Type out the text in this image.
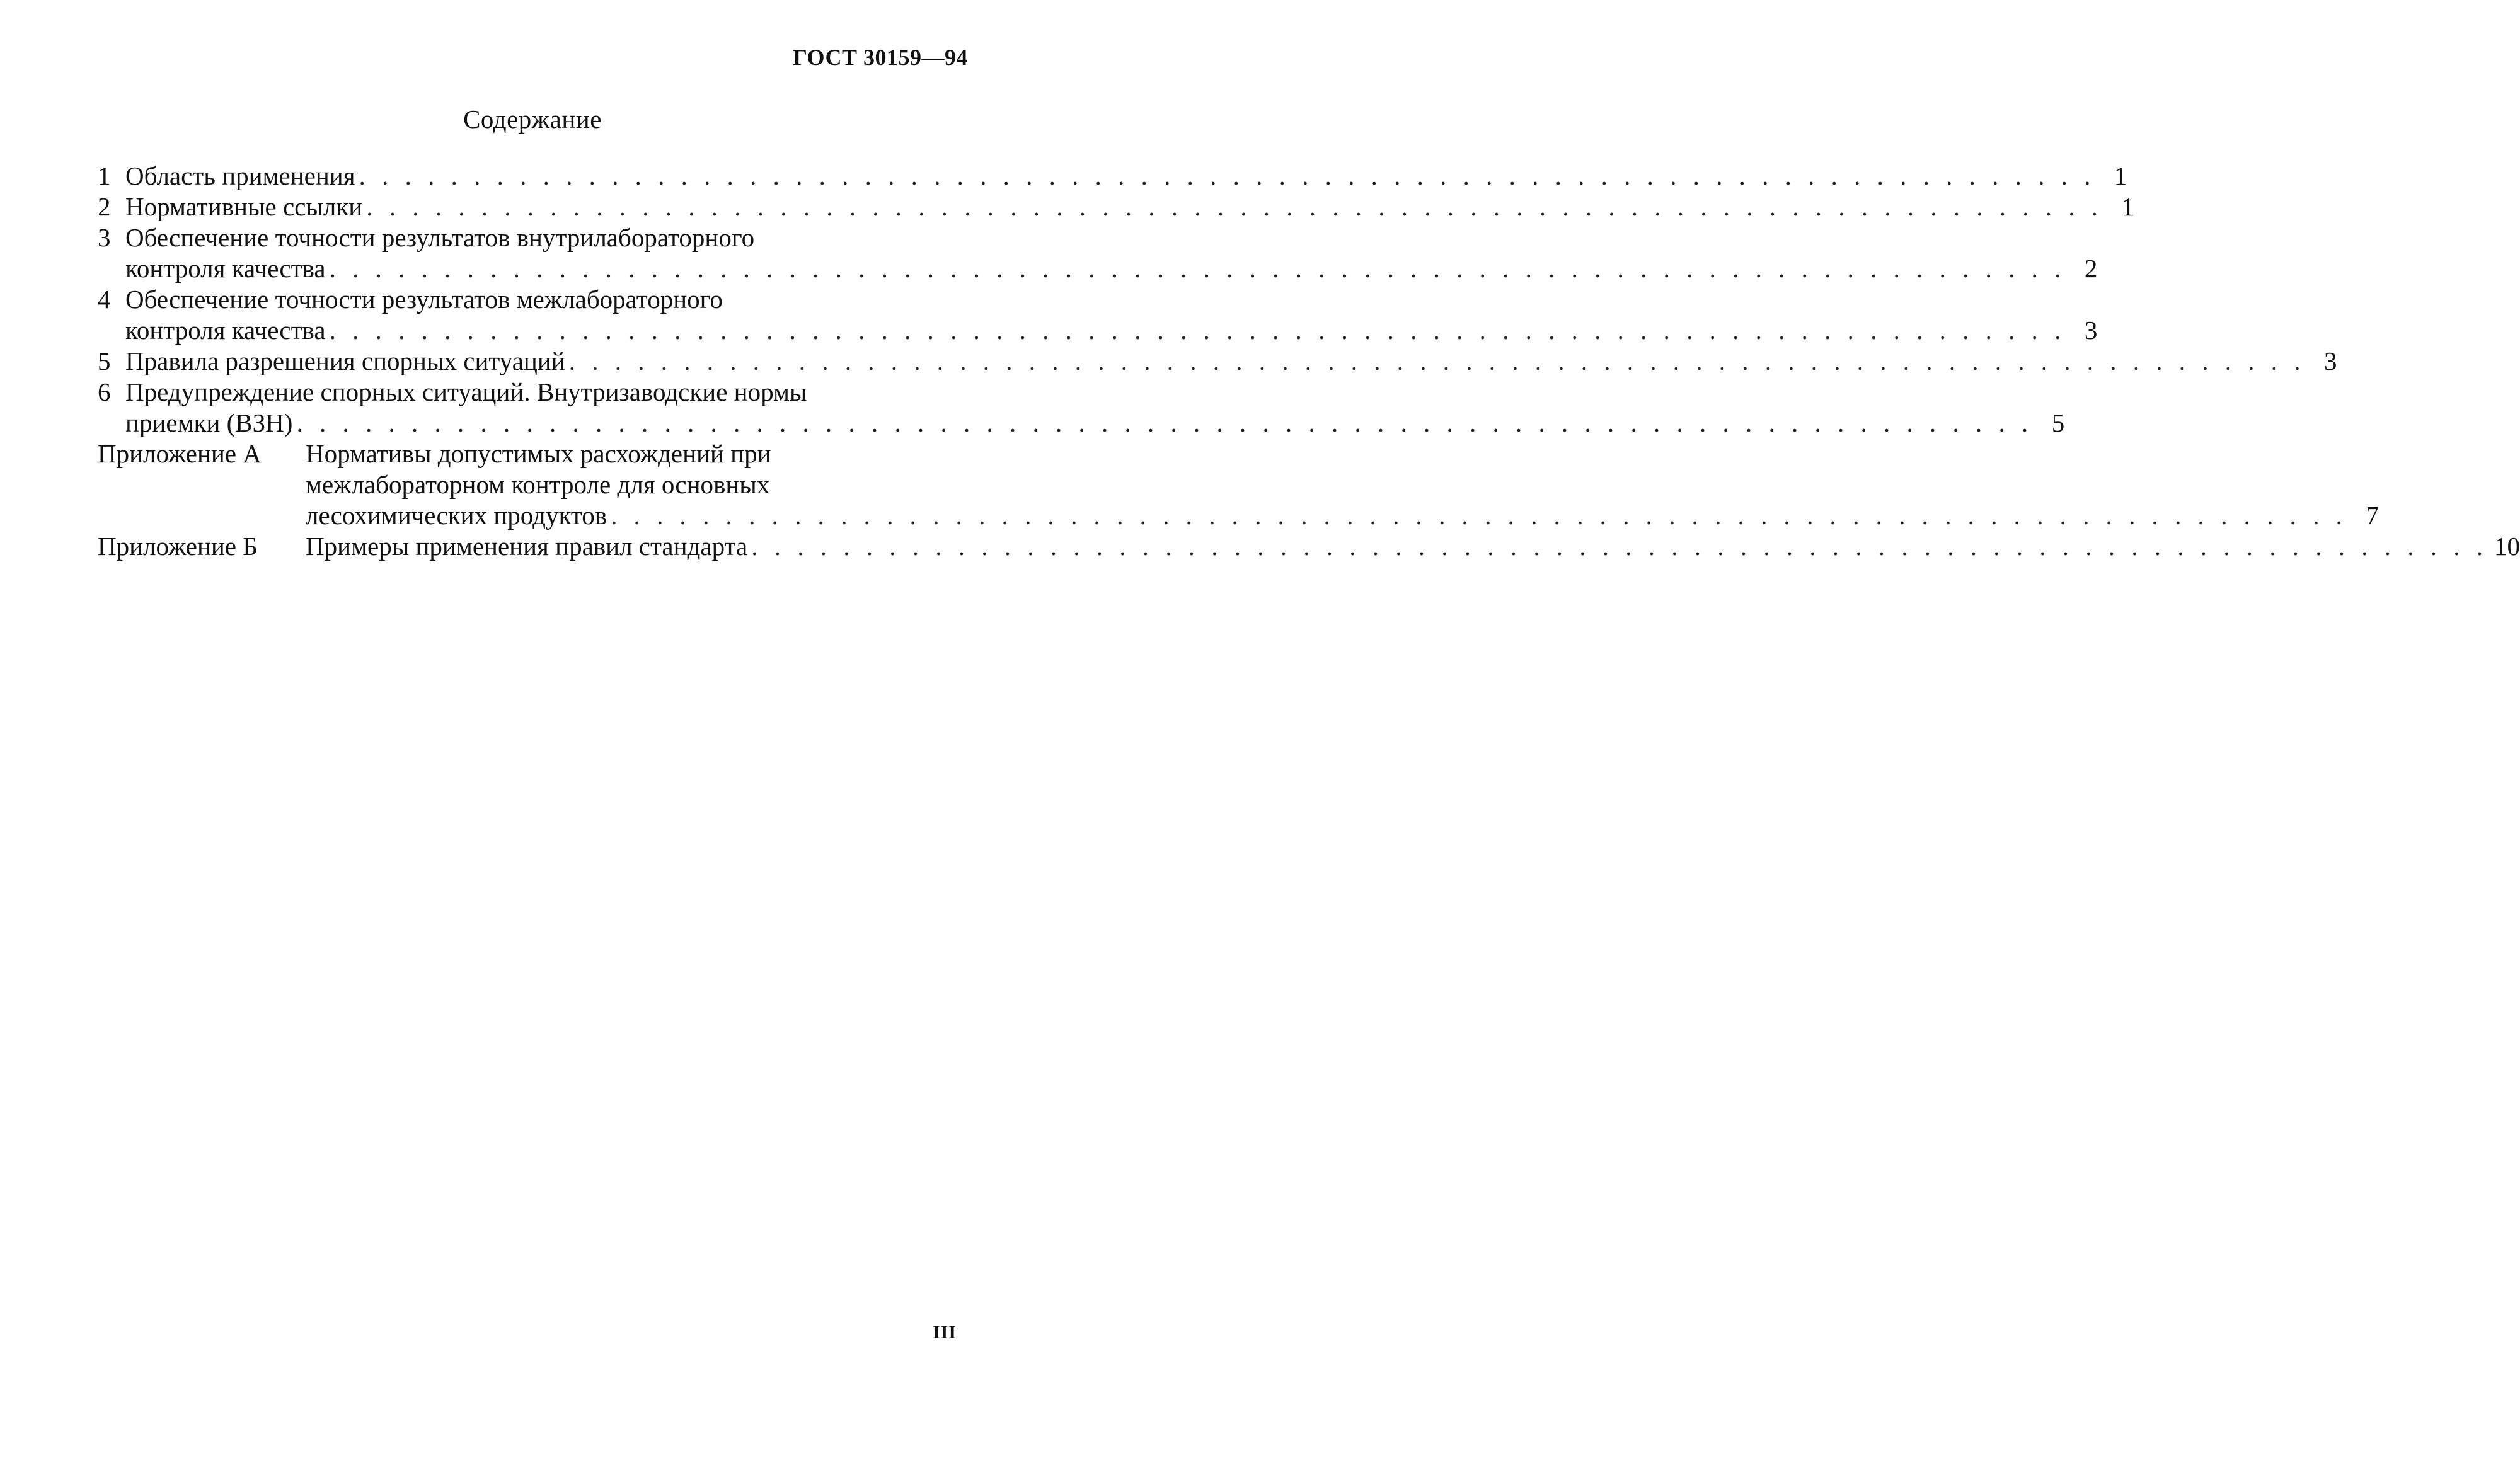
ГОСТ 30159—94
Содержание
1 Область применения . . .	1
2 Нормативные ссылки . . .	1
3 Обеспечение точности результатов внутрилабораторного
контроля качества . . .	2
4 Обеспечение точности результатов межлабораторного
контроля качества . . .	3
5 Правила разрешения спорных ситуаций . . .	3
6 Предупреждение спорных ситуаций. Внутризаводские нормы
приемки (ВЗН) . . .	5
Приложение А	Нормативы допустимых расхождений при
межлабораторном контроле для основных
лесохимических продуктов . . .	7
Приложение Б	Примеры применения правил стандарта . . .	10
III
